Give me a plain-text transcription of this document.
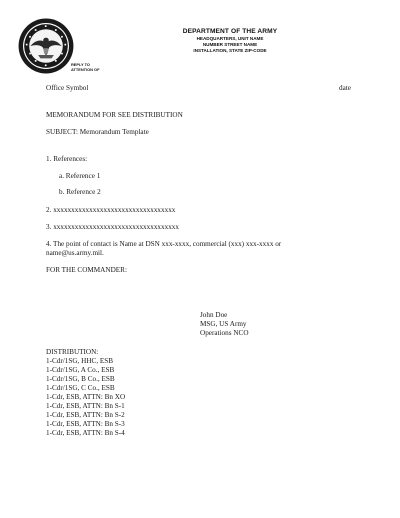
DEPARTMENT OF THE ARMY
HEADQUARTERS, UNIT NAME
NUMBER STREET NAME
INSTALLATION, STATE ZIP-CODE
REPLY TO
ATTENTION OF
Office Symbol	date
MEMORANDUM FOR SEE DISTRIBUTION
SUBJECT: Memorandum Template
1. References:
a. Reference 1
b. Reference 2
2. xxxxxxxxxxxxxxxxxxxxxxxxxxxxxxxxxx
3. xxxxxxxxxxxxxxxxxxxxxxxxxxxxxxxxxxx
4. The point of contact is Name at DSN xxx-xxxx, commercial (xxx) xxx-xxxx or
name@us.army.mil.
FOR THE COMMANDER:
John Doe
MSG, US Army
Operations NCO
DISTRIBUTION:
1-Cdr/1SG, HHC, ESB
1-Cdr/1SG, A Co., ESB
1-Cdr/1SG, B Co., ESB
1-Cdr/1SG, C Co., ESB
1-Cdr, ESB, ATTN: Bn XO
1-Cdr, ESB, ATTN: Bn S-1
1-Cdr, ESB, ATTN: Bn S-2
1-Cdr, ESB, ATTN: Bn S-3
1-Cdr, ESB, ATTN: Bn S-4
